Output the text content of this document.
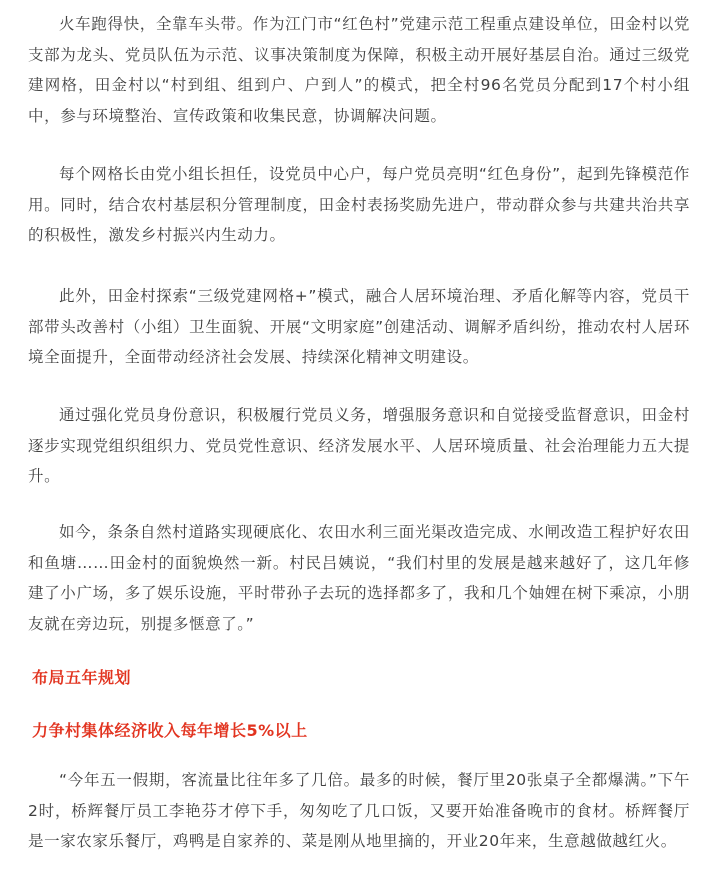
火车跑得快，全靠车头带。作为江门市“红色村”党建示范工程重点建设单位，田金村以党支部为龙头、党员队伍为示范、议事决策制度为保障，积极主动开展好基层自治。通过三级党建网格，田金村以“村到组、组到户、户到人”的模式，把全村96名党员分配到17个村小组中，参与环境整治、宣传政策和收集民意，协调解决问题。

每个网格长由党小组长担任，设党员中心户，每户党员亮明“红色身份”，起到先锋模范作用。同时，结合农村基层积分管理制度，田金村表扬奖励先进户，带动群众参与共建共治共享的积极性，激发乡村振兴内生动力。

此外，田金村探索“三级党建网格+”模式，融合人居环境治理、矛盾化解等内容，党员干部带头改善村（小组）卫生面貌、开展“文明家庭”创建活动、调解矛盾纠纷，推动农村人居环境全面提升，全面带动经济社会发展、持续深化精神文明建设。

通过强化党员身份意识，积极履行党员义务，增强服务意识和自觉接受监督意识，田金村逐步实现党组织组织力、党员党性意识、经济发展水平、人居环境质量、社会治理能力五大提升。

如今，条条自然村道路实现硬底化、农田水利三面光渠改造完成、水闸改造工程护好农田和鱼塘……田金村的面貌焕然一新。村民吕姨说，“我们村里的发展是越来越好了，这几年修建了小广场，多了娱乐设施，平时带孙子去玩的选择都多了，我和几个妯娌在树下乘凉，小朋友就在旁边玩，别提多惬意了。”

“今年五一假期，客流量比往年多了几倍。最多的时候，餐厅里20张桌子全都爆满。”下午2时，桥辉餐厅员工李艳芬才停下手，匆匆吃了几口饭，又要开始准备晚市的食材。桥辉餐厅是一家农家乐餐厅，鸡鸭是自家养的、菜是刚从地里摘的，开业20年来，生意越做越红火。

布局五年规划
力争村集体经济收入每年增长5%以上
